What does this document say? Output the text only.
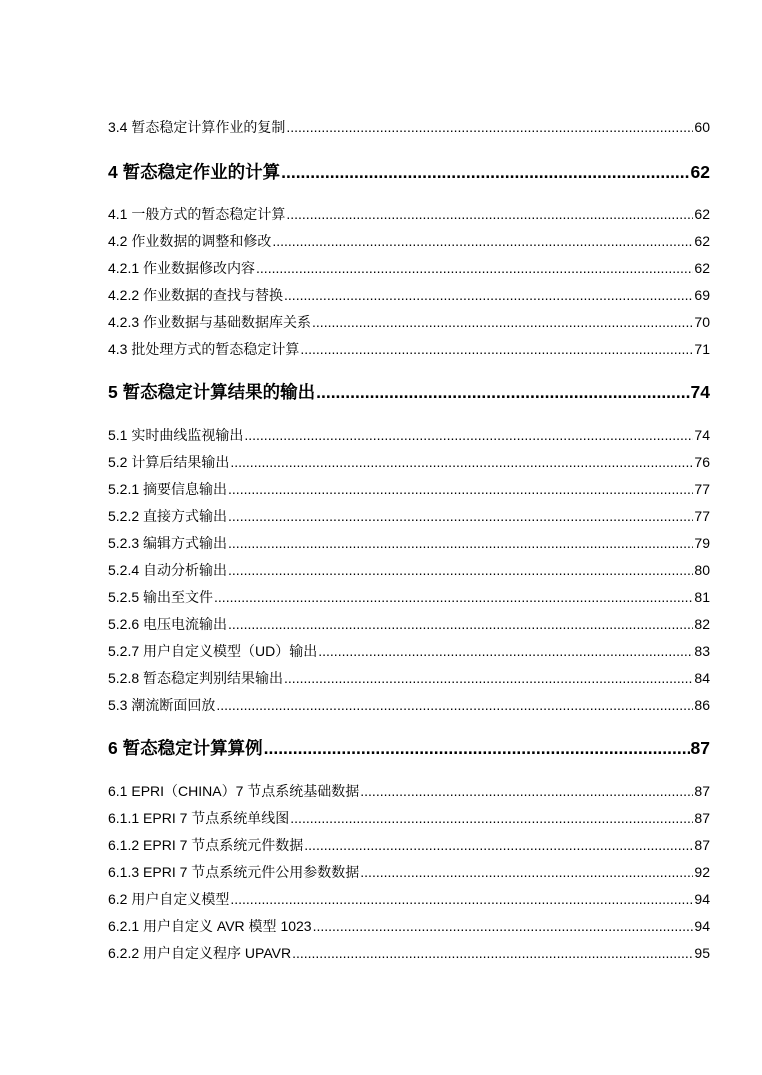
3.4 暂态稳定计算作业的复制 .....	60
4 暂态稳定作业的计算 .....	62
4.1 一般方式的暂态稳定计算 .....	62
4.2 作业数据的调整和修改 .....	62
4.2.1 作业数据修改内容 .....	62
4.2.2 作业数据的查找与替换 .....	69
4.2.3 作业数据与基础数据库关系 .....	70
4.3 批处理方式的暂态稳定计算 .....	71
5 暂态稳定计算结果的输出 .....	74
5.1 实时曲线监视输出 .....	74
5.2 计算后结果输出 .....	76
5.2.1 摘要信息输出 .....	77
5.2.2 直接方式输出 .....	77
5.2.3 编辑方式输出 .....	79
5.2.4 自动分析输出 .....	80
5.2.5 输出至文件 .....	81
5.2.6 电压电流输出 .....	82
5.2.7 用户自定义模型（UD）输出 .....	83
5.2.8 暂态稳定判别结果输出 .....	84
5.3 潮流断面回放 .....	86
6 暂态稳定计算算例 .....	87
6.1 EPRI（CHINA）7 节点系统基础数据 .....	87
6.1.1 EPRI 7 节点系统单线图 .....	87
6.1.2 EPRI 7 节点系统元件数据 .....	87
6.1.3 EPRI 7 节点系统元件公用参数数据 .....	92
6.2 用户自定义模型 .....	94
6.2.1 用户自定义 AVR 模型 1023 .....	94
6.2.2 用户自定义程序 UPAVR .....	95
